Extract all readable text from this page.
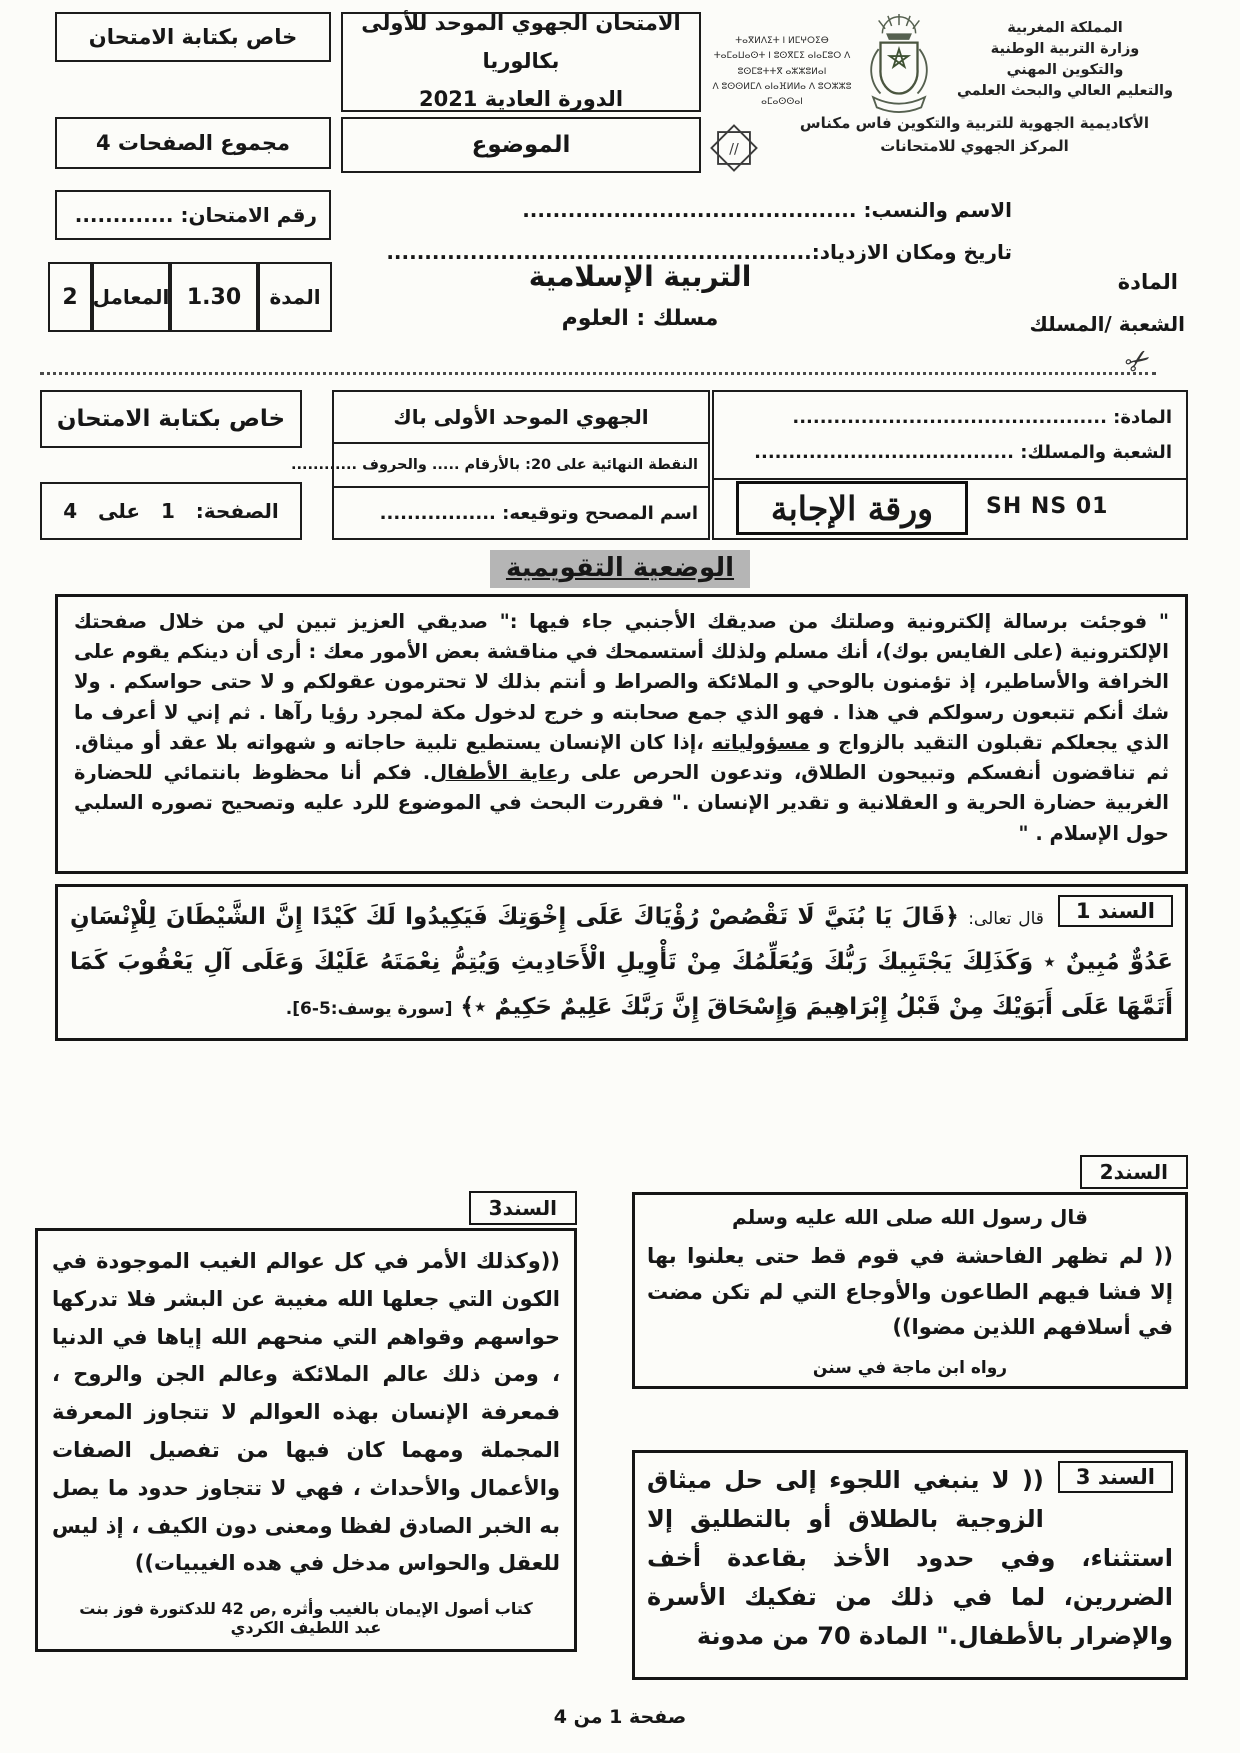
خاص بكتابة الامتحان
مجموع الصفحات 4
الامتحان الجهوي الموحد للأولى بكالوريا
الدورة العادية 2021
الموضوع
ⵜⴰⴳⵍⴷⵉⵜ ⵏ ⵍⵎⵖⵔⵉⴱ
ⵜⴰⵎⴰⵡⴰⵙⵜ ⵏ ⵓⵙⴳⵎⵉ ⴰⵏⴰⵎⵓⵔ ⴷ ⵓⵙⵎⵓⵜⵜⴳ ⴰⵣⵣⵓⵍⴰⵏ
ⴷ ⵓⵙⵙⵍⵎⴷ ⴰⵏⴰⴼⵍⵍⴰ ⴷ ⵓⵔⵣⵣⵓ ⴰⵎⴰⵙⵙⴰⵏ
المملكة المغربية
وزارة التربية الوطنية
والتكوين المهني
والتعليم العالي والبحث العلمي
الأكاديمية الجهوية للتربية والتكوين فاس مكناس
المركز الجهوي للامتحانات
//
الاسم والنسب: ............................................
رقم الامتحان: .............
تاريخ ومكان الازدياد:........................................................
المادة
الشعبة /المسلك
التربية الإسلامية
مسلك : العلوم
المدة
1.30
المعامل
2
✂
المادة: ..............................................
الشعبة والمسلك: ......................................
ورقة الإجابة	SH NS 01
الجهوي الموحد الأولى باك
النقطة النهائية على 20: بالأرقام ..... والحروف ............
اسم المصحح وتوقيعه: .................
خاص بكتابة الامتحان
الصفحة:   1   على   4
الوضعية التقويمية
" فوجئت برسالة إلكترونية وصلتك من صديقك الأجنبي جاء فيها :" صديقي العزيز تبين لي من خلال صفحتك الإلكترونية (على الفايس بوك)، أنك مسلم ولذلك أستسمحك في مناقشة بعض الأمور معك : أرى أن دينكم يقوم على الخرافة والأساطير، إذ تؤمنون بالوحي و الملائكة والصراط و أنتم بذلك لا تحترمون عقولكم و لا حتى حواسكم . ولا شك أنكم تتبعون رسولكم في هذا . فهو الذي جمع صحابته و خرج لدخول مكة لمجرد رؤيا رآها . ثم إني لا أعرف ما الذي يجعلكم تقبلون التقيد بالزواج و مسؤولياته ،إذا كان الإنسان يستطيع تلبية حاجاته و شهواته بلا عقد أو ميثاق. ثم تناقضون أنفسكم وتبيحون الطلاق، وتدعون الحرص على رعاية الأطفال. فكم أنا محظوظ بانتمائي للحضارة الغربية حضارة الحرية و العقلانية و تقدير الإنسان ." فقررت البحث في الموضوع للرد عليه وتصحيح تصوره السلبي حول الإسلام . "
السند 1

قال تعالى: ﴿قَالَ يَا بُنَيَّ لَا تَقْصُصْ رُؤْيَاكَ عَلَى إِخْوَتِكَ فَيَكِيدُوا لَكَ كَيْدًا إِنَّ الشَّيْطَانَ لِلْإِنْسَانِ عَدُوٌّ مُبِينٌ ٭ وَكَذَلِكَ يَجْتَبِيكَ رَبُّكَ وَيُعَلِّمُكَ مِنْ تَأْوِيلِ الْأَحَادِيثِ وَيُتِمُّ نِعْمَتَهُ عَلَيْكَ وَعَلَى آلِ يَعْقُوبَ كَمَا أَتَمَّهَا عَلَى أَبَوَيْكَ مِنْ قَبْلُ إِبْرَاهِيمَ وَإِسْحَاقَ إِنَّ رَبَّكَ عَلِيمٌ حَكِيمٌ ٭﴾ [سورة يوسف:5-6].

السند2

قال رسول الله صلى الله عليه وسلم

(( لم تظهر الفاحشة في قوم قط حتى يعلنوا بها إلا فشا فيهم الطاعون والأوجاع التي لم تكن مضت في أسلافهم اللذين مضوا))

رواه ابن ماجة في سنن

السند3

((وكذلك الأمر في كل عوالم الغيب الموجودة في الكون التي جعلها الله مغيبة عن البشر فلا تدركها حواسهم وقواهم التي منحهم الله إياها في الدنيا ، ومن ذلك عالم الملائكة وعالم الجن والروح ، فمعرفة الإنسان بهذه العوالم لا تتجاوز المعرفة المجملة ومهما كان فيها من تفصيل الصفات والأعمال والأحداث ، فهي لا تتجاوز حدود ما يصل به الخبر الصادق لفظا ومعنى دون الكيف ، إذ ليس للعقل والحواس مدخل في هده الغيبيات))

كتاب أصول الإيمان بالغيب وأثره ,ص 42 للدكتورة فوز بنت عبد اللطيف الكردي

السند 3

(( لا ينبغي اللجوء إلى حل ميثاق الزوجية بالطلاق أو بالتطليق إلا استثناء، وفي حدود الأخذ بقاعدة أخف الضررين، لما في ذلك من تفكيك الأسرة والإضرار بالأطفال." المادة 70 من مدونة

صفحة 1 من 4
